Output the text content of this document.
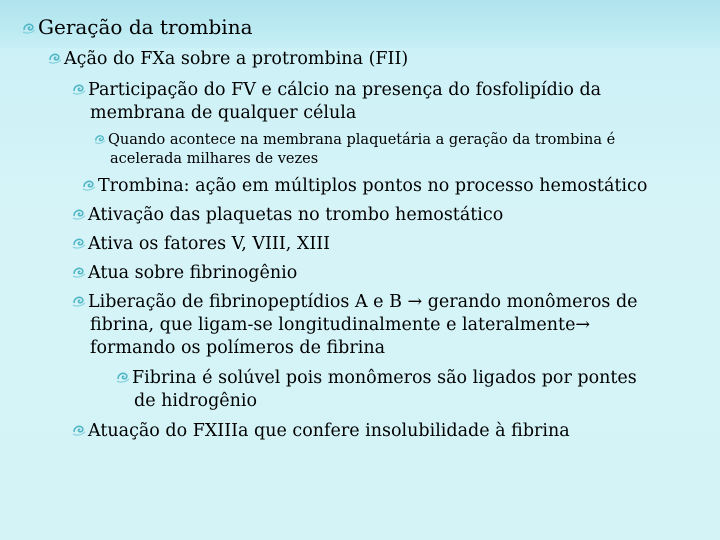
Geração da trombina
Ação do FXa sobre a protrombina (FII)
Participação do FV e cálcio na presença do fosfolipídio da
membrana de qualquer célula
Quando acontece na membrana plaquetária a geração da trombina é
acelerada milhares de vezes
Trombina: ação em múltiplos pontos no processo hemostático
Ativação das plaquetas no trombo hemostático
Ativa os fatores V, VIII, XIII
Atua sobre fibrinogênio
Liberação de fibrinopeptídios A e B → gerando monômeros de
fibrina, que ligam-se longitudinalmente e lateralmente→
formando os polímeros de fibrina
Fibrina é solúvel pois monômeros são ligados por pontes
de hidrogênio
Atuação do FXIIIa que confere insolubilidade à fibrina
